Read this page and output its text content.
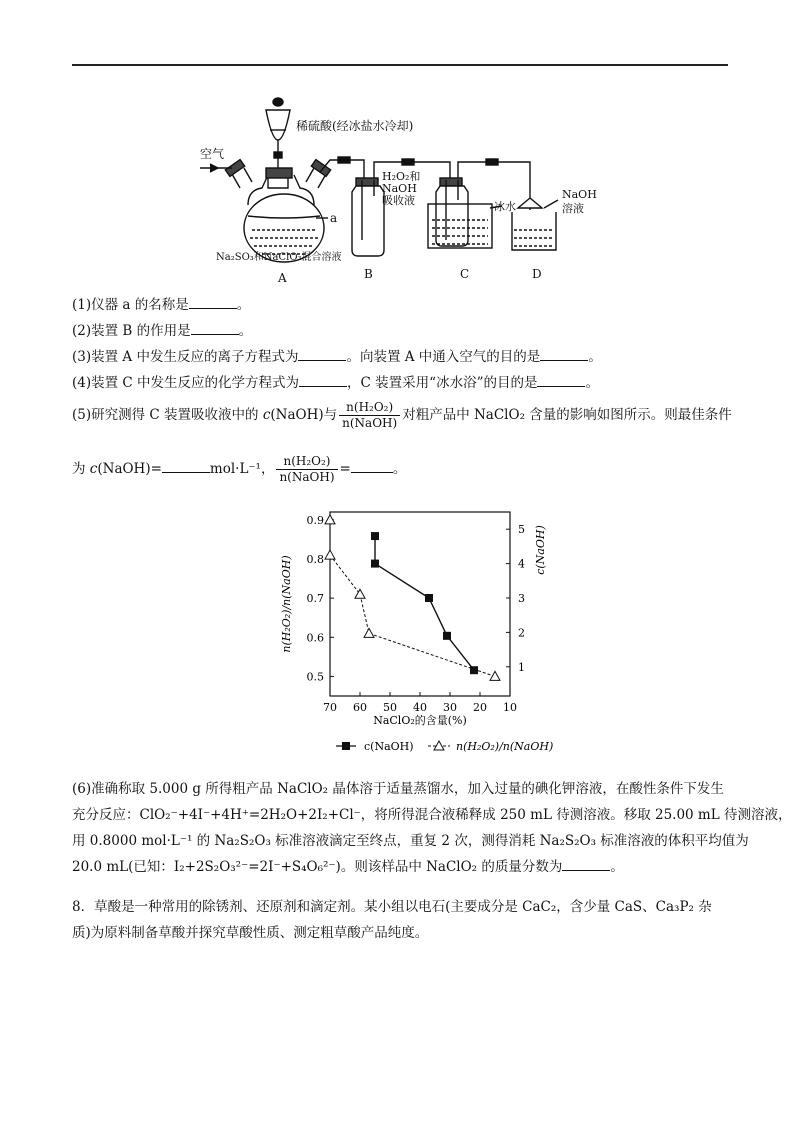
稀硫酸(经冰盐水冷却)
空气
a
Na₂SO₃和NaClO₃混合溶液
H₂O₂和
NaOH
吸收液	冰水
NaOH
溶液
A	B	C	D
(1)仪器 a 的名称是	。
(2)装置 B 的作用是	。
(3)装置 A 中发生反应的离子方程式为	。向装置 A 中通入空气的目的是	。
(4)装置 C 中发生反应的化学方程式为	，C 装置采用“冰水浴”的目的是	。
(5)研究测得 C 装置吸收液中的 c(NaOH)与 $\frac{\text{n(H₂O₂)}}{\text{n(NaOH)}}$ 对粗产品中 NaClO₂ 含量的影响如图所示。则最佳条件
为 c(NaOH)=	mol·L⁻¹， $\frac{\text{n(H₂O₂)}}{\text{n(NaOH)}}$ =	。
70 60 50 40 30 20 10
0.9
0.8
0.7
0.6
0.5
5
4
3
2
1
NaClO₂的含量(%)
n(H₂O₂)/n(NaOH)
c(NaOH)
c(NaOH)	n(H₂O₂)/n(NaOH)
(6)准确称取 5.000 g 所得粗产品 NaClO₂ 晶体溶于适量蒸馏水，加入过量的碘化钾溶液，在酸性条件下发生
充分反应：ClO₂⁻+4I⁻+4H⁺=2H₂O+2I₂+Cl⁻，将所得混合液稀释成 250 mL 待测溶液。移取 25.00 mL 待测溶液，
用 0.8000 mol·L⁻¹ 的 Na₂S₂O₃ 标准溶液滴定至终点，重复 2 次，测得消耗 Na₂S₂O₃ 标准溶液的体积平均值为
20.0 mL(已知：I₂+2S₂O₃²⁻=2I⁻+S₄O₆²⁻)。则该样品中 NaClO₂ 的质量分数为	。
8．草酸是一种常用的除锈剂、还原剂和滴定剂。某小组以电石(主要成分是 CaC₂，含少量 CaS、Ca₃P₂ 杂
质)为原料制备草酸并探究草酸性质、测定粗草酸产品纯度。
